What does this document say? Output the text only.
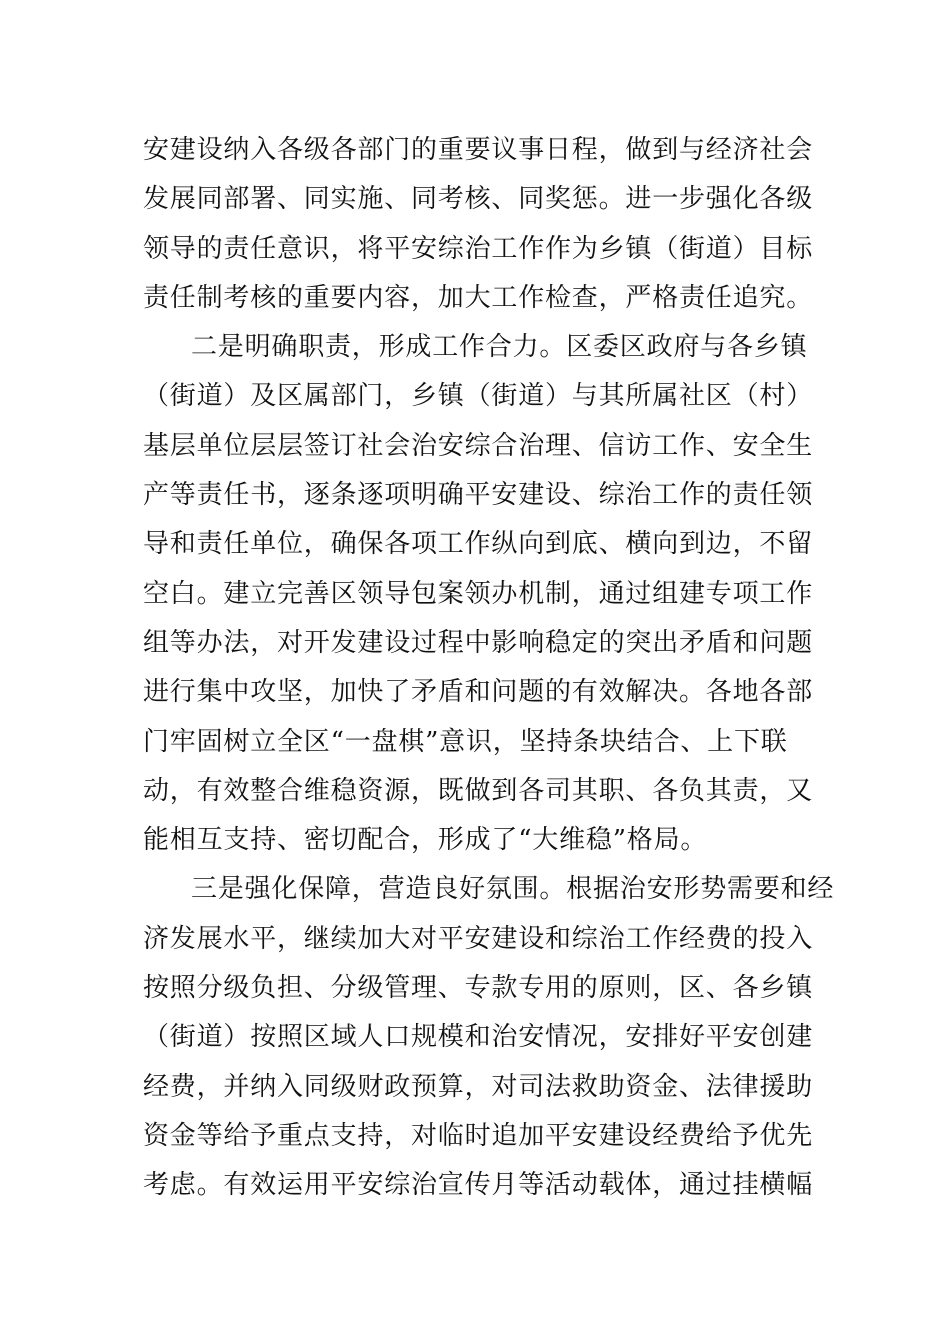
安建设纳入各级各部门的重要议事日程，做到与经济社会
发展同部署、同实施、同考核、同奖惩。进一步强化各级
领导的责任意识，将平安综治工作作为乡镇（街道）目标
责任制考核的重要内容，加大工作检查，严格责任追究。
二是明确职责，形成工作合力。区委区政府与各乡镇
（街道）及区属部门，乡镇（街道）与其所属社区（村）
基层单位层层签订社会治安综合治理、信访工作、安全生
产等责任书，逐条逐项明确平安建设、综治工作的责任领
导和责任单位，确保各项工作纵向到底、横向到边，不留
空白。建立完善区领导包案领办机制，通过组建专项工作
组等办法，对开发建设过程中影响稳定的突出矛盾和问题
进行集中攻坚，加快了矛盾和问题的有效解决。各地各部
门牢固树立全区“一盘棋”意识，坚持条块结合、上下联
动，有效整合维稳资源，既做到各司其职、各负其责，又
能相互支持、密切配合，形成了“大维稳”格局。
三是强化保障，营造良好氛围。根据治安形势需要和经
济发展水平，继续加大对平安建设和综治工作经费的投入
按照分级负担、分级管理、专款专用的原则，区、各乡镇
（街道）按照区域人口规模和治安情况，安排好平安创建
经费，并纳入同级财政预算，对司法救助资金、法律援助
资金等给予重点支持，对临时追加平安建设经费给予优先
考虑。有效运用平安综治宣传月等活动载体，通过挂横幅
